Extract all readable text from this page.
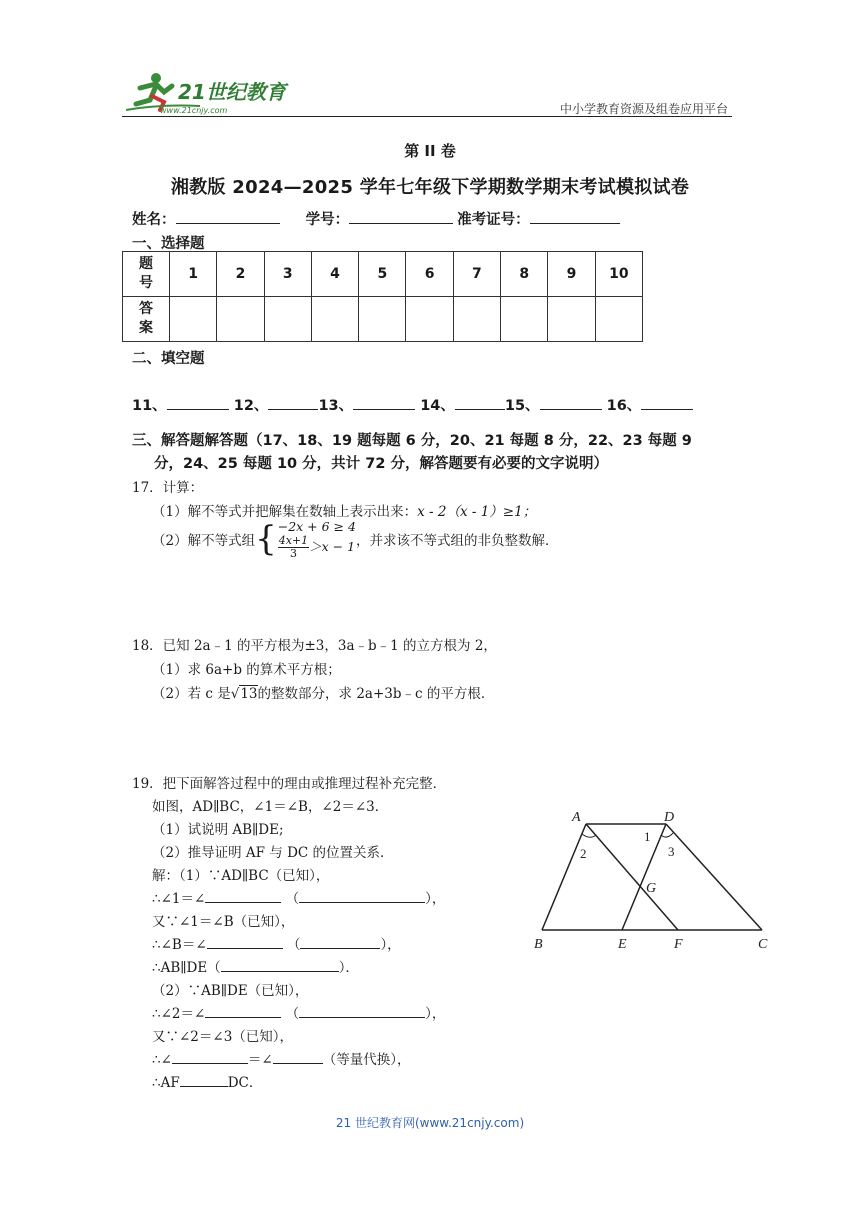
21世纪教育
www.21cnjy.com	中小学教育资源及组卷应用平台
第 II 卷
湘教版 2024—2025 学年七年级下学期数学期末考试模拟试卷
姓名：	学号：	准考证号：
一、选择题
题
号	1	2	3	4	5	6	7	8	9	10
答
案										
二、填空题
11、	12、	13、	14、	15、	16、
三、解答题解答题（17、18、19 题每题 6 分，20、21 每题 8 分，22、23 每题 9
分，24、25 每题 10 分，共计 72 分，解答题要有必要的文字说明）
17．计算：
（1）解不等式并把解集在数轴上表示出来：x - 2（x - 1）≥1；
（2）解不等式组{ −2x + 6 ≥ 4
$\frac{4x+1}{3} >x - 1$ ，并求该不等式组的非负整数解．
18．已知 2a﹣1 的平方根为±3，3a﹣b﹣1 的立方根为 2，
（1）求 6a+b 的算术平方根；
（2）若 c 是√13的整数部分，求 2a+3b﹣c 的平方根．
19．把下面解答过程中的理由或推理过程补充完整．
如图，AD∥BC，∠1＝∠B，∠2＝∠3．
（1）试说明 AB∥DE;
（2）推导证明 AF 与 DC 的位置关系．
解：（1）∵AD∥BC（已知），
∴∠1＝∠	（	），
又∵∠1＝∠B（已知），
∴∠B＝∠	（	），
∴AB∥DE（	）．
（2）∵AB∥DE（已知），
∴∠2＝∠	（	），
又∵∠2＝∠3（已知），
∴∠	＝∠	（等量代换），
∴AF	DC．
A	D
B	E	F	C
G
1
2	3
21 世纪教育网(www.21cnjy.com)
